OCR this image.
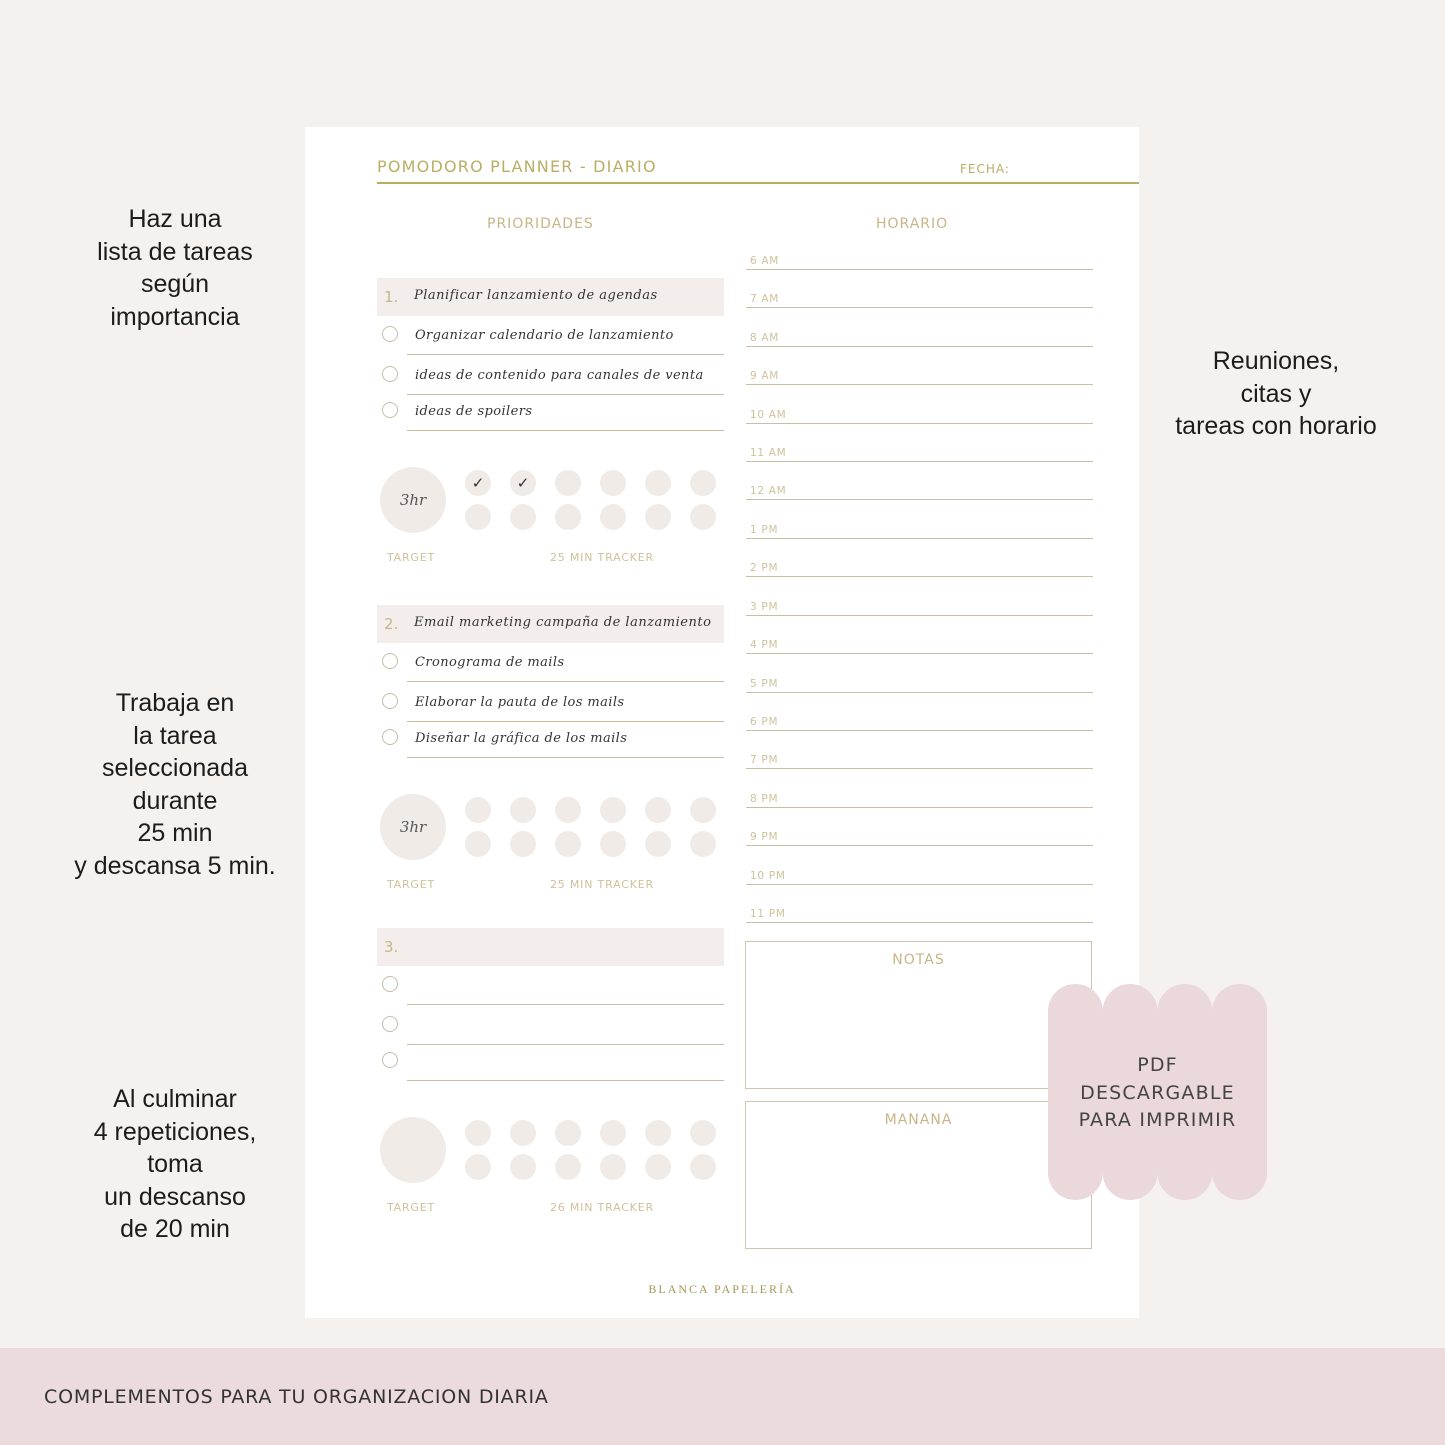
Haz una
lista de tareas
según
importancia
Trabaja en
la tarea
seleccionada
durante
25 min
y descansa 5 min.
Al culminar
4 repeticiones,
toma
un descanso
de 20 min
Reuniones,
citas y
tareas con horario
POMODORO PLANNER - DIARIO	FECHA:
PRIORIDADES	HORARIO
1. Planificar lanzamiento de agendas
Organizar calendario de lanzamiento
ideas de contenido para canales de venta
ideas de spoilers
3hr
✓ ✓
TARGET	25 MIN TRACKER
2. Email marketing campaña de lanzamiento
Cronograma de mails
Elaborar la pauta de los mails
Diseñar la gráfica de los mails
3hr
TARGET	25 MIN TRACKER
3.
TARGET	26 MIN TRACKER
6 AM
7 AM
8 AM
9 AM
10 AM
11 AM
12 AM
1 PM
2 PM
3 PM
4 PM
5 PM
6 PM
7 PM
8 PM
9 PM
10 PM
11 PM
NOTAS
MANANA
BLANCA PAPELERÍA
PDF
DESCARGABLE
PARA IMPRIMIR
COMPLEMENTOS PARA TU ORGANIZACION DIARIA
